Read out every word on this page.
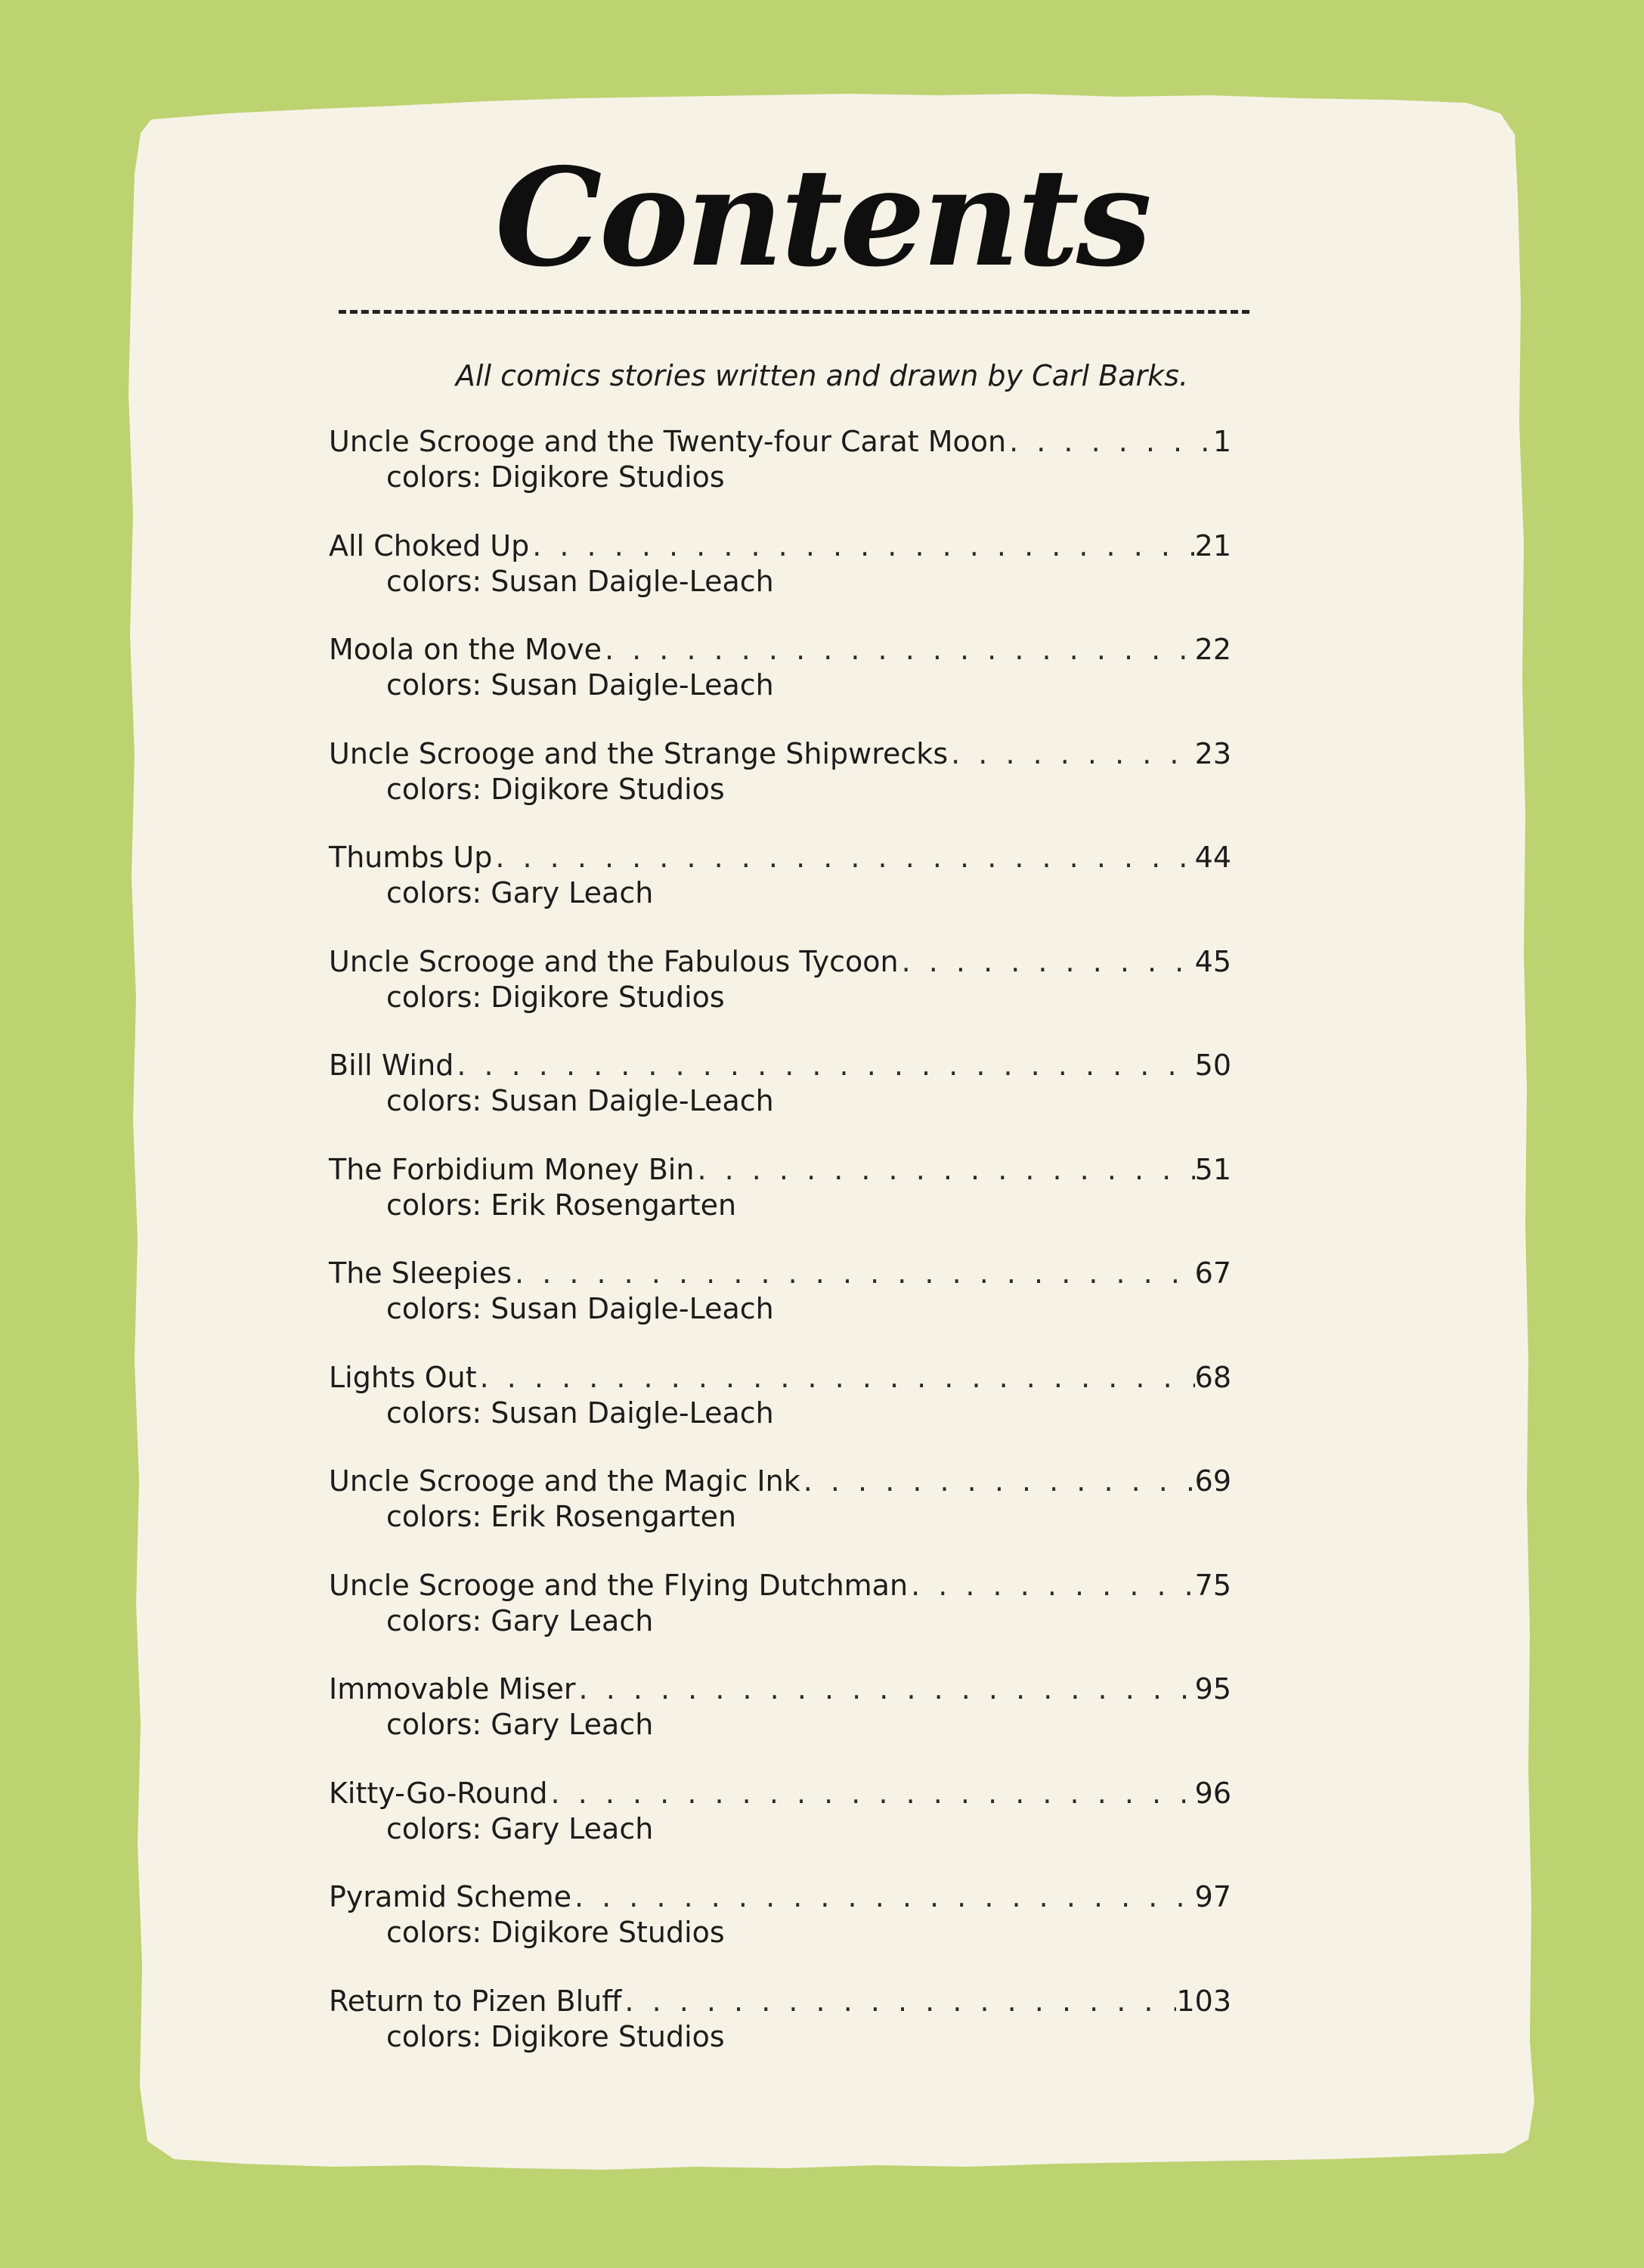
Contents
All comics stories written and drawn by Carl Barks.
Uncle Scrooge and the Twenty-four Carat Moon . . .	1
colors: Digikore Studios
All Choked Up . . .	21
colors: Susan Daigle-Leach
Moola on the Move . . .	22
colors: Susan Daigle-Leach
Uncle Scrooge and the Strange Shipwrecks . . .	23
colors: Digikore Studios
Thumbs Up . . .	44
colors: Gary Leach
Uncle Scrooge and the Fabulous Tycoon . . .	45
colors: Digikore Studios
Bill Wind . . .	50
colors: Susan Daigle-Leach
The Forbidium Money Bin . . .	51
colors: Erik Rosengarten
The Sleepies . . .	67
colors: Susan Daigle-Leach
Lights Out . . .	68
colors: Susan Daigle-Leach
Uncle Scrooge and the Magic Ink . . .	69
colors: Erik Rosengarten
Uncle Scrooge and the Flying Dutchman . . .	75
colors: Gary Leach
Immovable Miser . . .	95
colors: Gary Leach
Kitty-Go-Round . . .	96
colors: Gary Leach
Pyramid Scheme . . .	97
colors: Digikore Studios
Return to Pizen Bluff . . .	103
colors: Digikore Studios
